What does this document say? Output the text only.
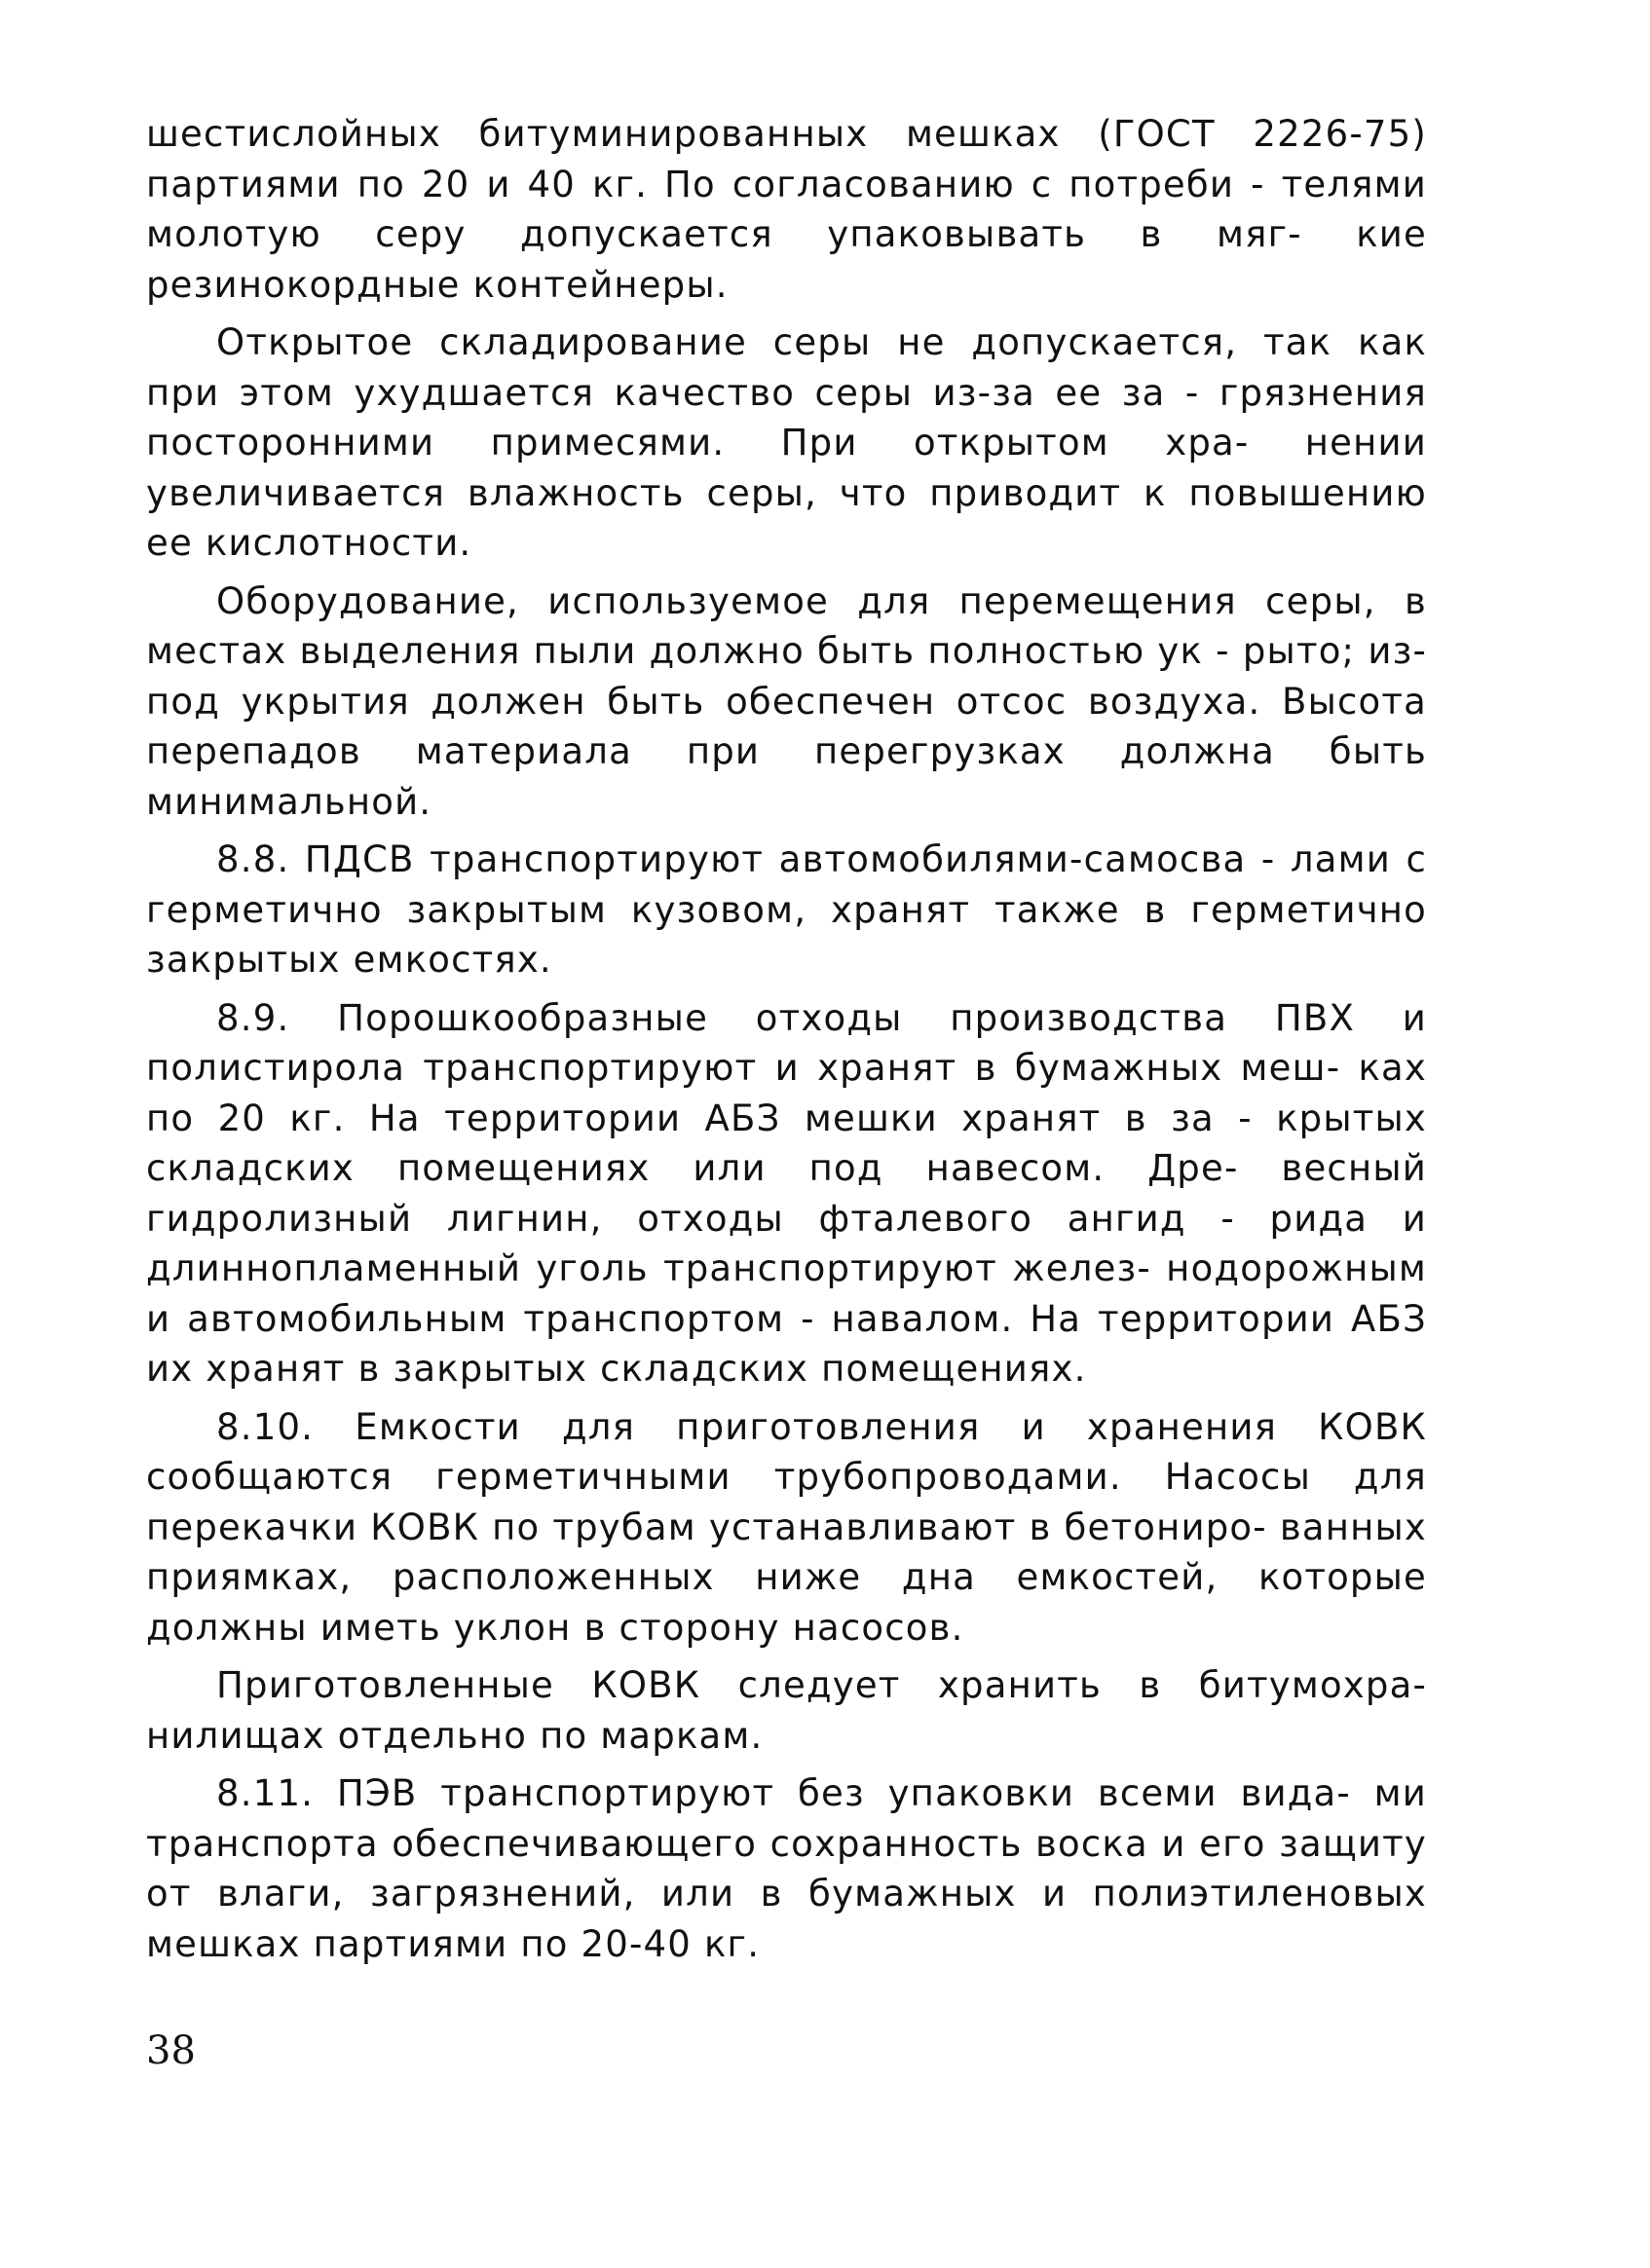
шестислойных битуминированных мешках (ГОСТ 2226-75) партиями по 20 и 40 кг. По согласованию с потреби - телями молотую серу допускается упаковывать в мяг- кие резинокордные контейнеры.

Открытое складирование серы не допускается, так как при этом ухудшается качество серы из-за ее за - грязнения посторонними примесями. При открытом хра- нении увеличивается влажность серы, что приводит к повышению ее кислотности.

Оборудование, используемое для перемещения серы, в местах выделения пыли должно быть полностью ук - рыто; из-под укрытия должен быть обеспечен отсос воздуха. Высота перепадов материала при перегрузках должна быть минимальной.

8.8. ПДСВ транспортируют автомобилями-самосва - лами с герметично закрытым кузовом, хранят также в герметично закрытых емкостях.

8.9. Порошкообразные отходы производства ПВХ и полистирола транспортируют и хранят в бумажных меш- ках по 20 кг. На территории АБЗ мешки хранят в за - крытых складских помещениях или под навесом. Дре- весный гидролизный лигнин, отходы фталевого ангид - рида и длиннопламенный уголь транспортируют желез- нодорожным и автомобильным транспортом - навалом. На территории АБЗ их хранят в закрытых складских помещениях.

8.10. Емкости для приготовления и хранения КОВК сообщаются герметичными трубопроводами. Насосы для перекачки КОВК по трубам устанавливают в бетониро- ванных приямках, расположенных ниже дна емкостей, которые должны иметь уклон в сторону насосов.

Приготовленные КОВК следует хранить в битумохра- нилищах отдельно по маркам.

8.11. ПЭВ транспортируют без упаковки всеми вида- ми транспорта обеспечивающего сохранность воска и его защиту от влаги, загрязнений, или в бумажных и полиэтиленовых мешках партиями по 20-40 кг.

38
